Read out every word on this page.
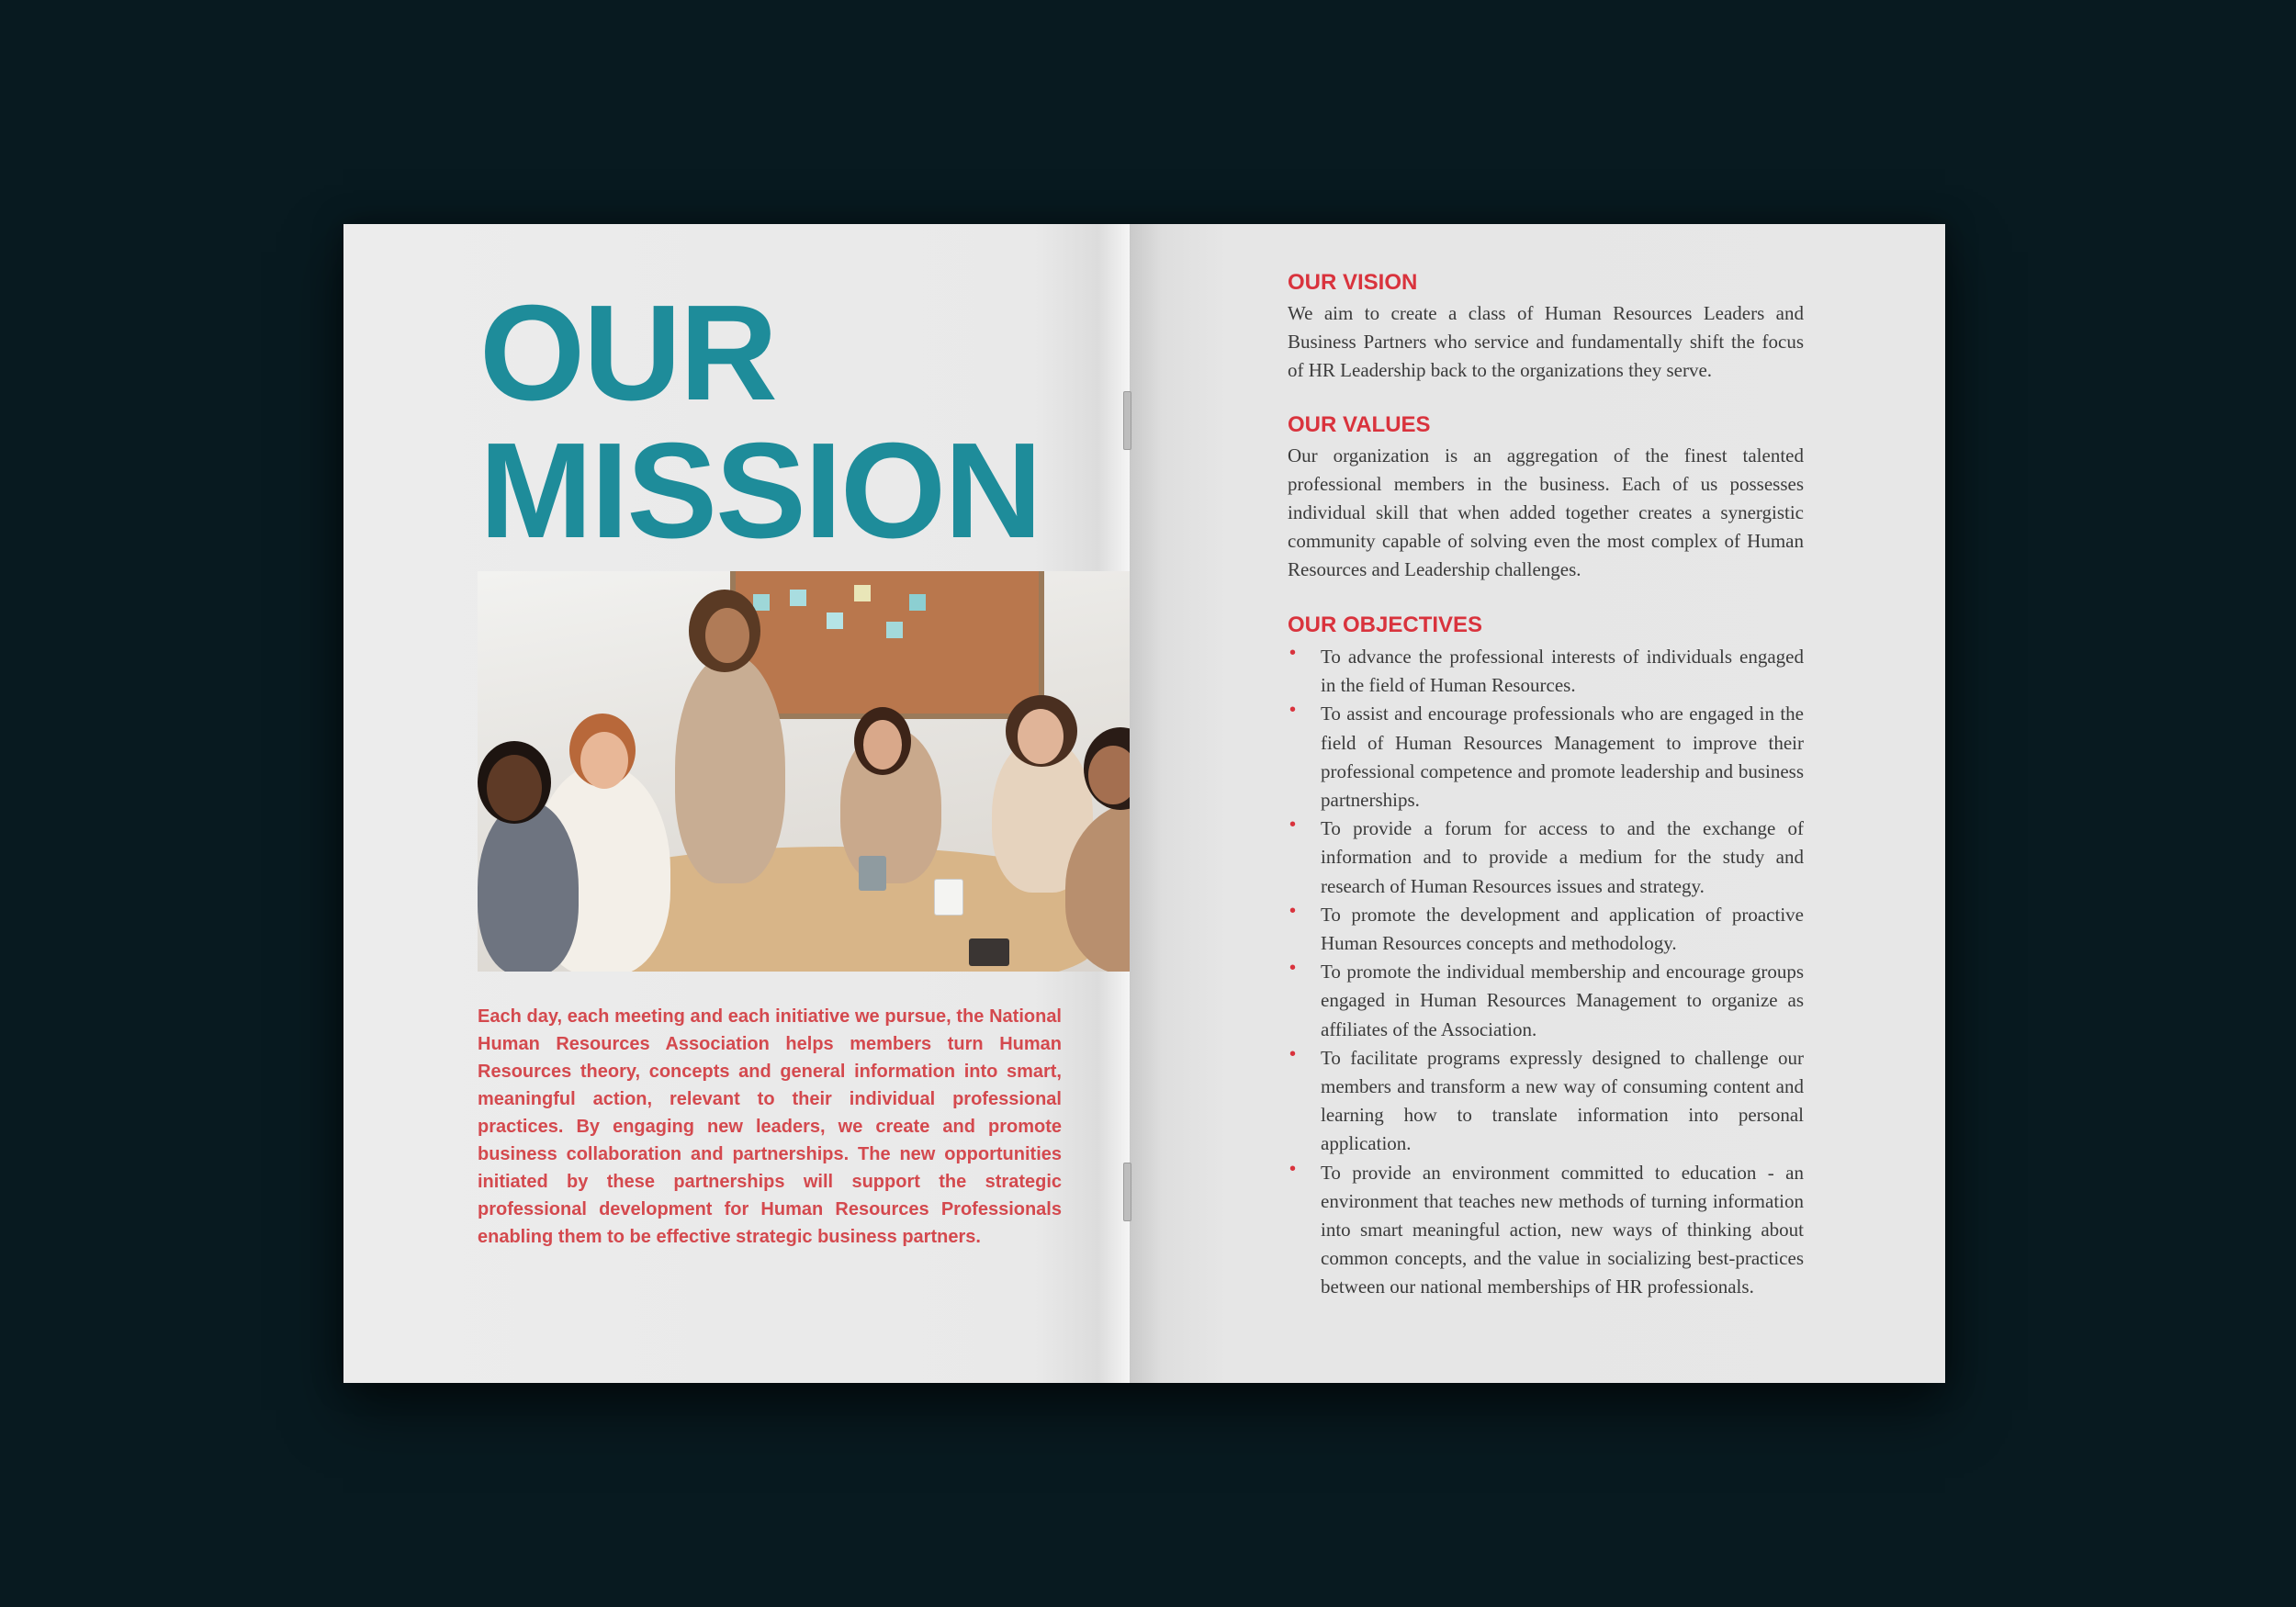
OUR
MISSION

Each day, each meeting and each initiative we pursue, the National Human Resources Association helps members turn Human Resources theory, concepts and general information into smart, meaningful action, relevant to their individual professional practices. By engaging new leaders, we create and promote business collaboration and partnerships. The new opportunities initiated by these partnerships will support the strategic professional development for Human Resources Professionals enabling them to be effective strategic business partners.

OUR VISION

We aim to create a class of Human Resources Leaders and Business Partners who service and fundamentally shift the focus of HR Leadership back to the organizations they serve.

OUR VALUES

Our organization is an aggregation of the finest talented professional members in the business. Each of us possesses individual skill that when added together creates a synergistic community capable of solving even the most complex of Human Resources and Leadership challenges.

OUR OBJECTIVES
• To advance the professional interests of individuals engaged in the field of Human Resources.
• To assist and encourage professionals who are engaged in the field of Human Resources Management to improve their professional competence and promote leadership and business partnerships.
• To provide a forum for access to and the exchange of information and to provide a medium for the study and research of Human Resources issues and strategy.
• To promote the development and application of proactive Human Resources concepts and methodology.
• To promote the individual membership and encourage groups engaged in Human Resources Management to organize as affiliates of the Association.
• To facilitate programs expressly designed to challenge our members and transform a new way of consuming content and learning how to translate information into personal application.
• To provide an environment committed to education - an environment that teaches new methods of turning information into smart meaningful action, new ways of thinking about common concepts, and the value in socializing best-practices between our national memberships of HR professionals.
